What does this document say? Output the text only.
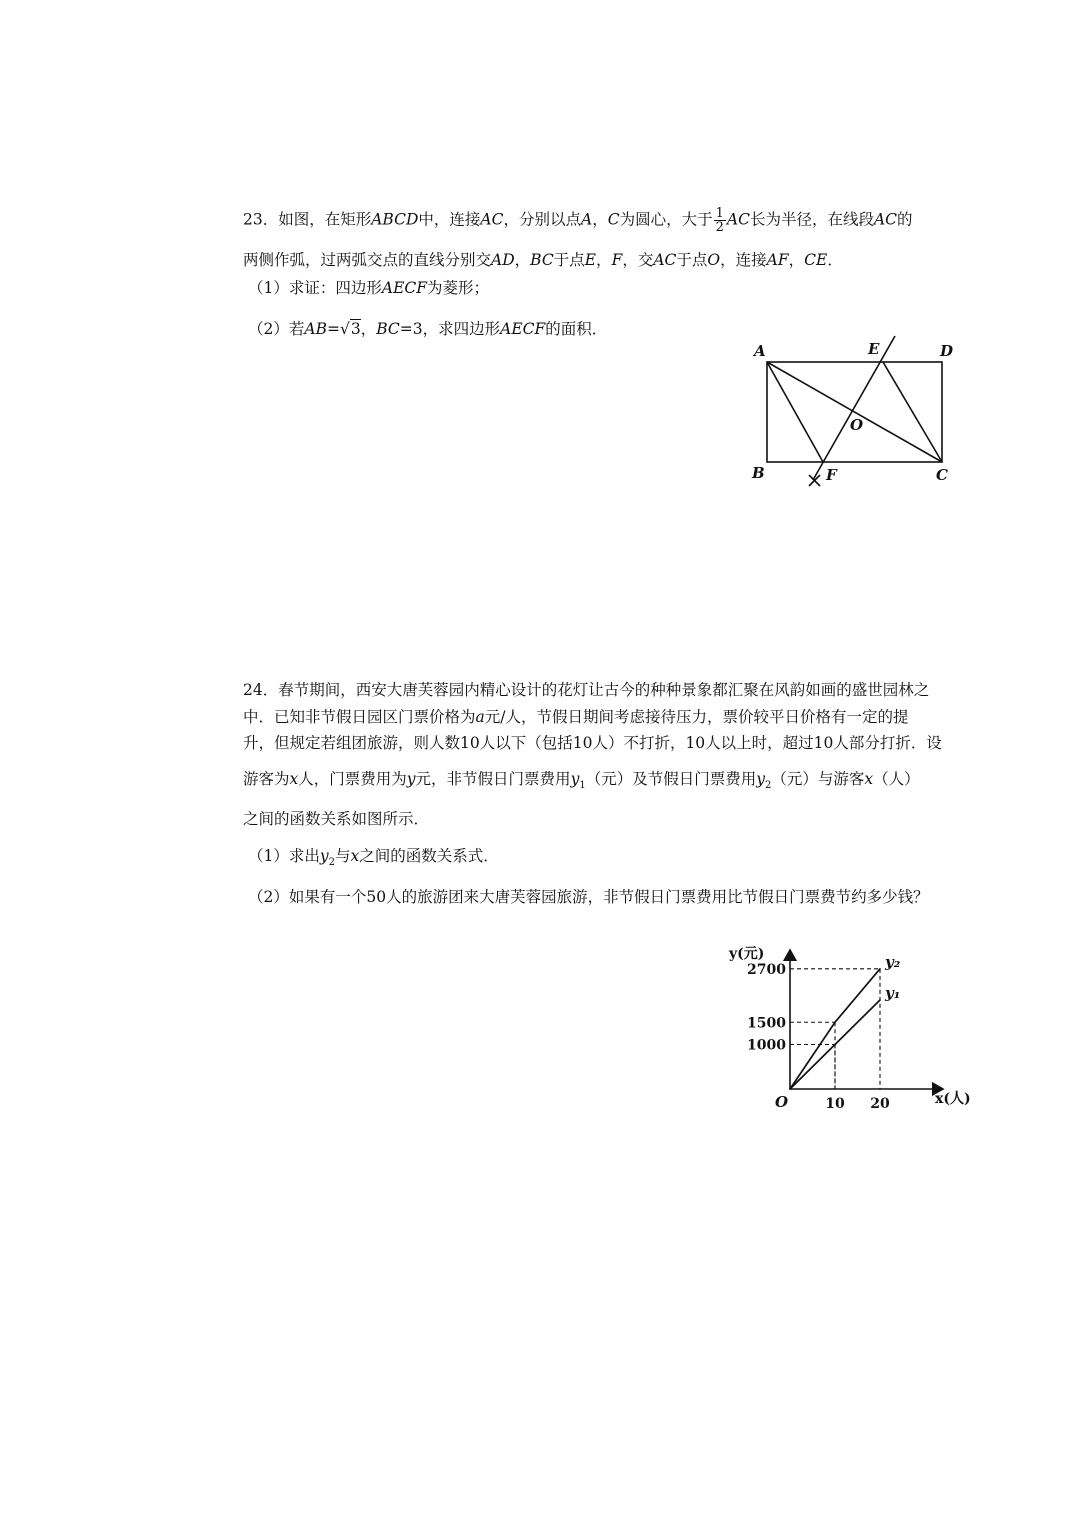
23．如图，在矩形ABCD中，连接AC，分别以点A，C为圆心，大于 $\frac{1}{2}$ AC长为半径，在线段AC的
两侧作弧，过两弧交点的直线分别交AD，BC于点E，F，交AC于点O，连接AF，CE．
（1）求证：四边形AECF为菱形；
（2）若AB=√3，BC=3，求四边形AECF的面积．
A	E	D
O
B	F	C
24．春节期间，西安大唐芙蓉园内精心设计的花灯让古今的种种景象都汇聚在风韵如画的盛世园林之
中．已知非节假日园区门票价格为a元/人，节假日期间考虑接待压力，票价较平日价格有一定的提
升，但规定若组团旅游，则人数10人以下（包括10人）不打折，10人以上时，超过10人部分打折．设
游客为x人，门票费用为y元，非节假日门票费用$y_1$（元）及节假日门票费用$y_2$（元）与游客x（人）
之间的函数关系如图所示．
（1）求出$y_2$与x之间的函数关系式．
（2）如果有一个50人的旅游团来大唐芙蓉园旅游，非节假日门票费用比节假日门票费节约多少钱？
y(元)
x(人)
O
1000
1500
2700
10 20
y₂
y₁
